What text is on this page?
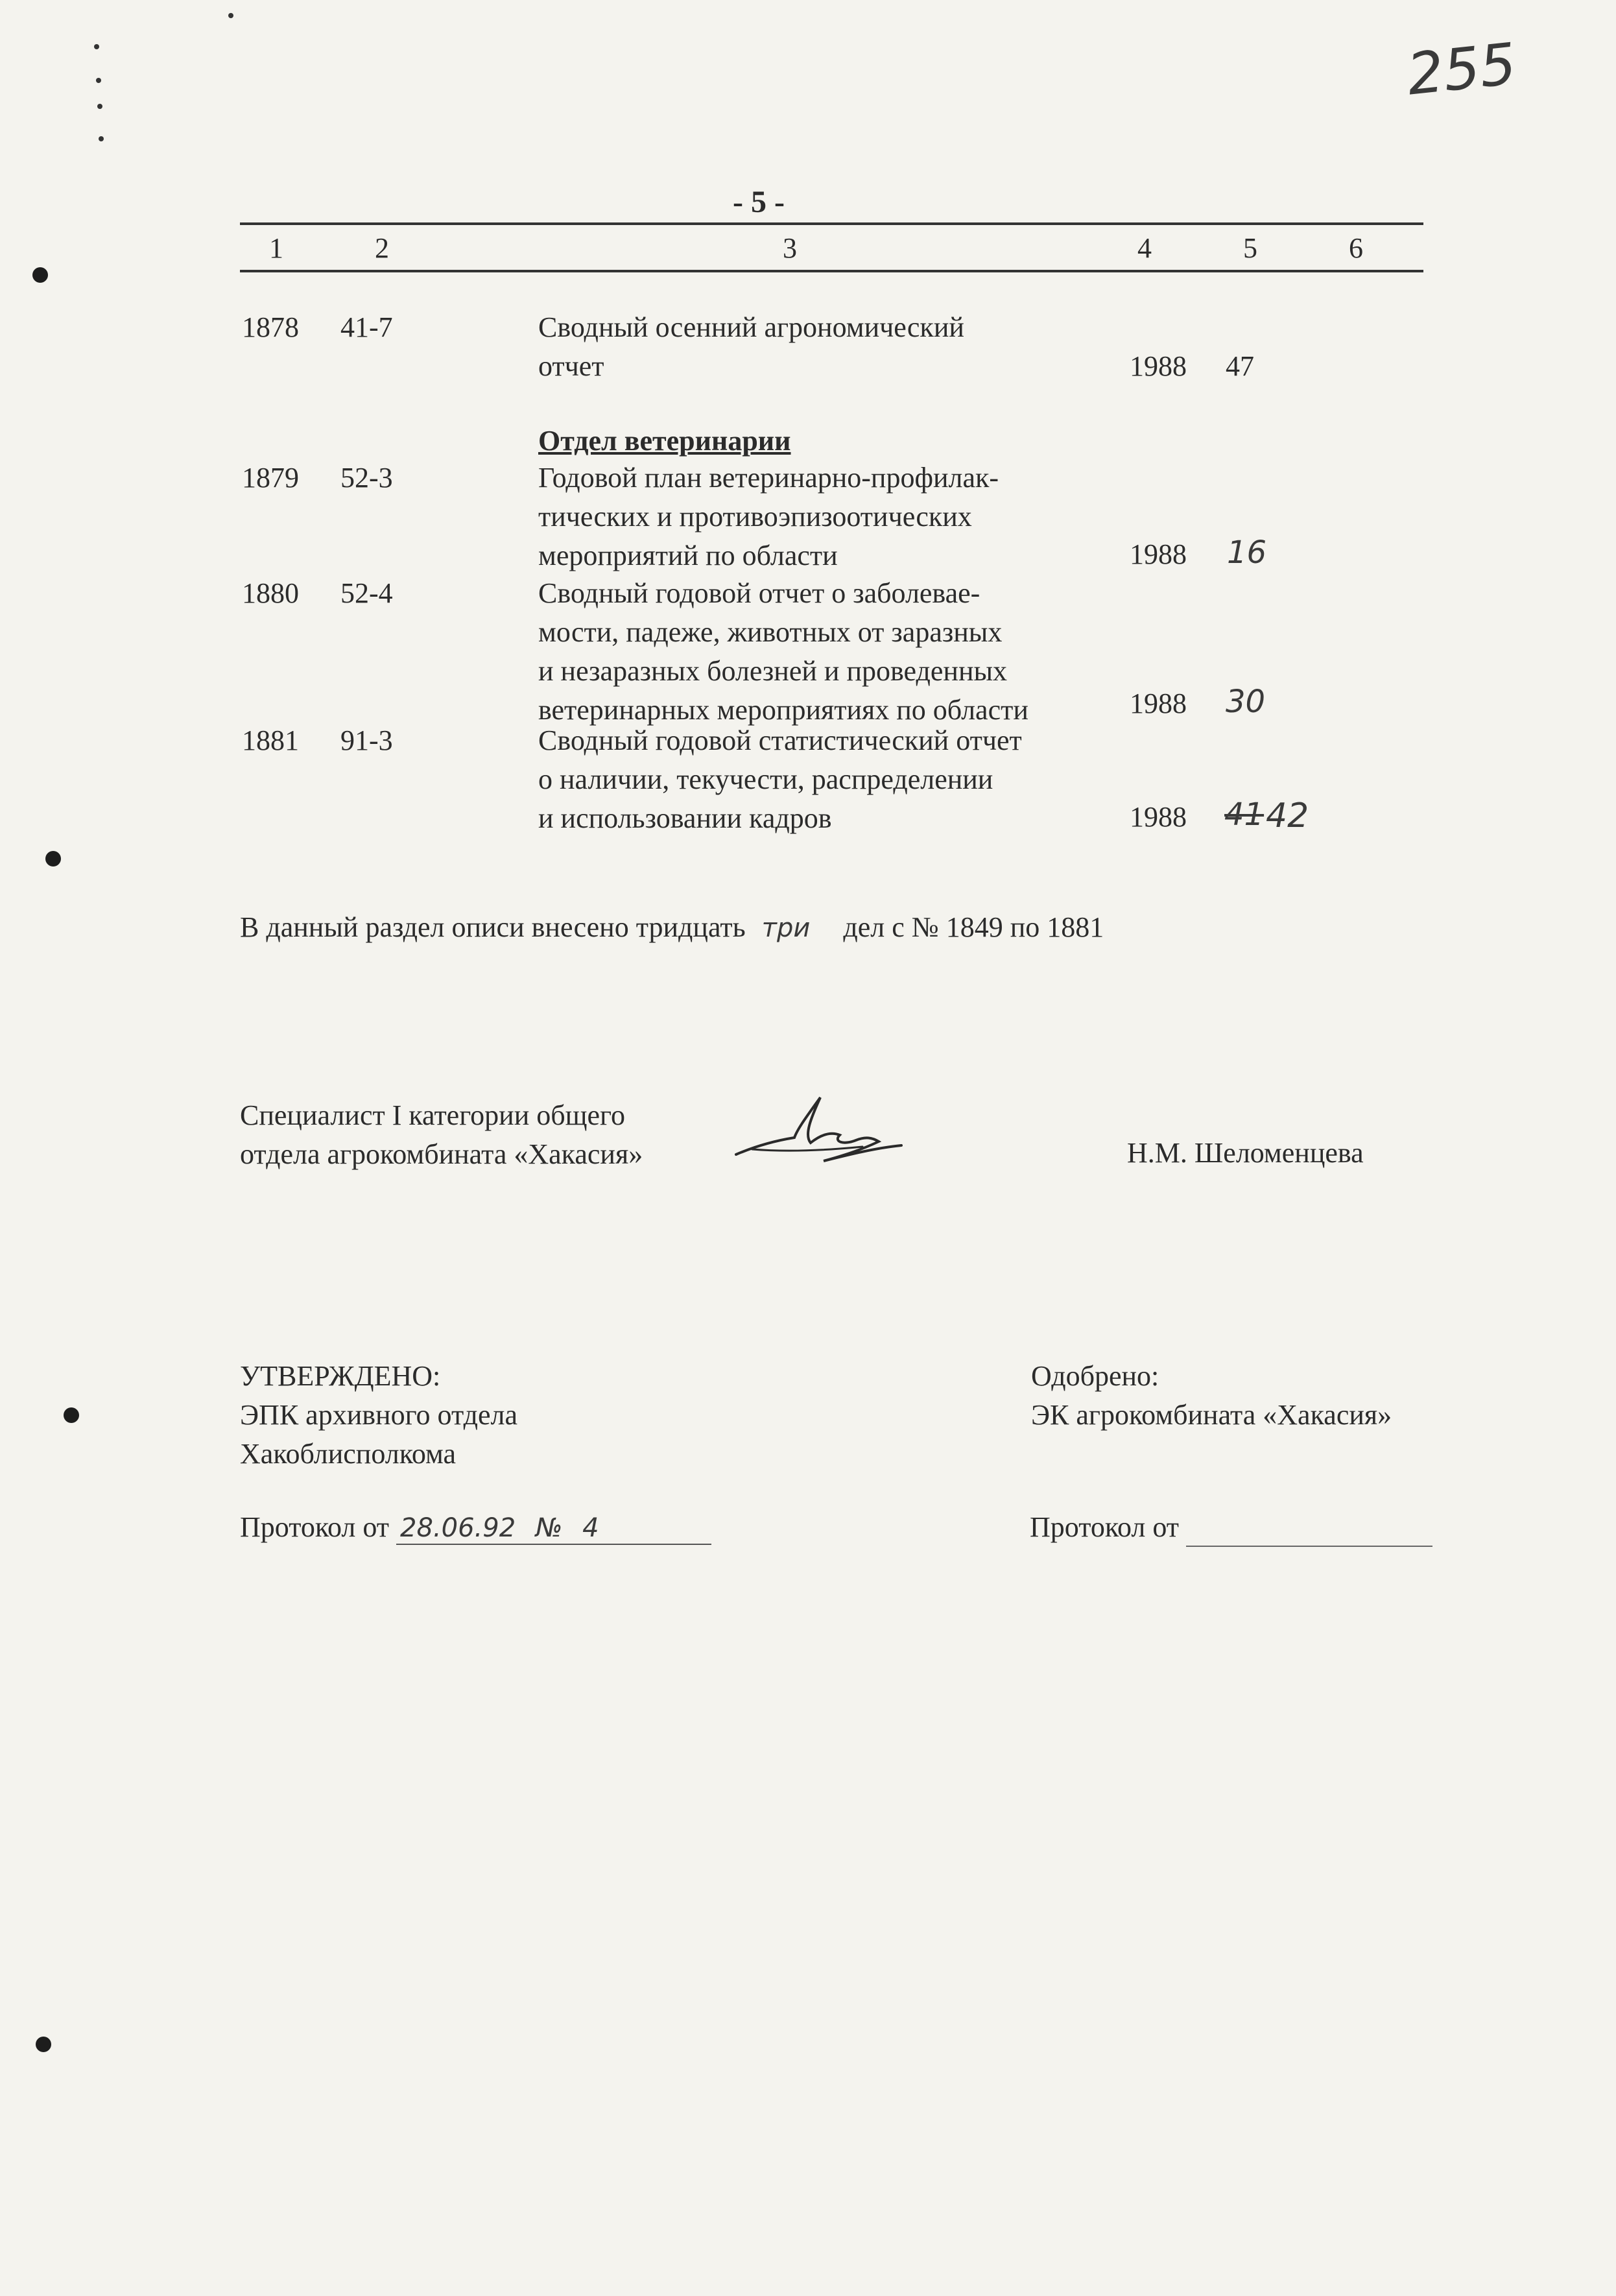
255
- 5 -
1	2	3	4	5	6
1878 41-7	Сводный осенний агрономический
отчет	1988 47
Отдел ветеринарии
1879 52-3	Годовой план ветеринарно-профилак-
тических и противоэпизоотических
мероприятий по области	1988 16
1880 52-4	Сводный годовой отчет о заболевае-
мости, падеже, животных от заразных
и незаразных болезней и проведенных
ветеринарных мероприятиях по области	1988 30
1881 91-3	Сводный годовой статистический отчет
о наличии, текучести, распределении
и использовании кадров	1988 41 42
В данный раздел описи внесено тридцать три дел с № 1849 по 1881
Специалист I категории общего
отдела агрокомбината «Хакасия»	Н.М. Шеломенцева
УТВЕРЖДЕНО:
ЭПК архивного отдела
Хакоблисполкома
Протокол от 28.06.92 № 4
Одобрено:
ЭК агрокомбината «Хакасия»
Протокол от
